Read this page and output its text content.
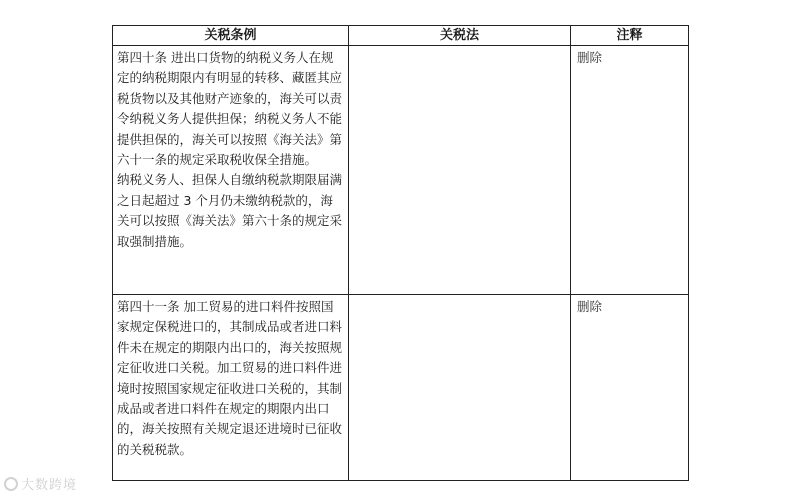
关税条例	关税法	注释

第四十条 进出口货物的纳税义务人在规定的纳税期限内有明显的转移、藏匿其应税货物以及其他财产迹象的，海关可以责令纳税义务人提供担保；纳税义务人不能提供担保的，海关可以按照《海关法》第六十一条的规定采取税收保全措施。
纳税义务人、担保人自缴纳税款期限届满之日起超过 3 个月仍未缴纳税款的，海关可以按照《海关法》第六十条的规定采取强制措施。		删除

第四十一条 加工贸易的进口料件按照国家规定保税进口的，其制成品或者进口料件未在规定的期限内出口的，海关按照规定征收进口关税。加工贸易的进口料件进境时按照国家规定征收进口关税的，其制成品或者进口料件在规定的期限内出口的，海关按照有关规定退还进境时已征收的关税税款。		删除
大数跨境
